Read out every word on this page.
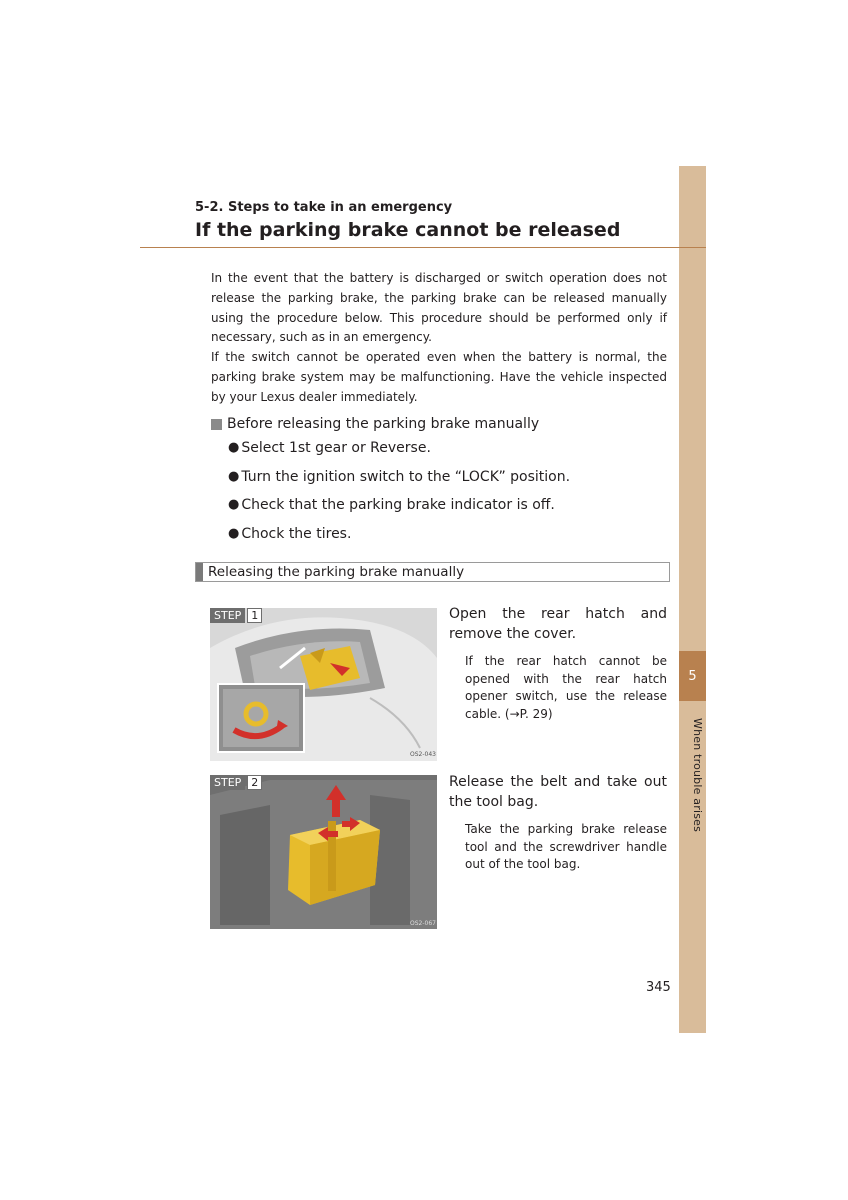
5
When trouble arises
5-2. Steps to take in an emergency
If the parking brake cannot be released

In the event that the battery is discharged or switch operation does not release the parking brake, the parking brake can be released manually using the procedure below. This procedure should be performed only if necessary, such as in an emergency.

If the switch cannot be operated even when the battery is normal, the parking brake system may be malfunctioning. Have the vehicle inspected by your Lexus dealer immediately.

Before releasing the parking brake manually
● Select 1st gear or Reverse.
● Turn the ignition switch to the “LOCK” position.
● Check that the parking brake indicator is off.
● Chock the tires.
Releasing the parking brake manually
OS2-043
STEP 1	Open the rear hatch and remove the cover.
If the rear hatch cannot be opened with the rear hatch opener switch, use the release cable. (→P. 29)
OS2-067
STEP 2	Release the belt and take out the tool bag.
Take the parking brake release tool and the screwdriver handle out of the tool bag.
345
